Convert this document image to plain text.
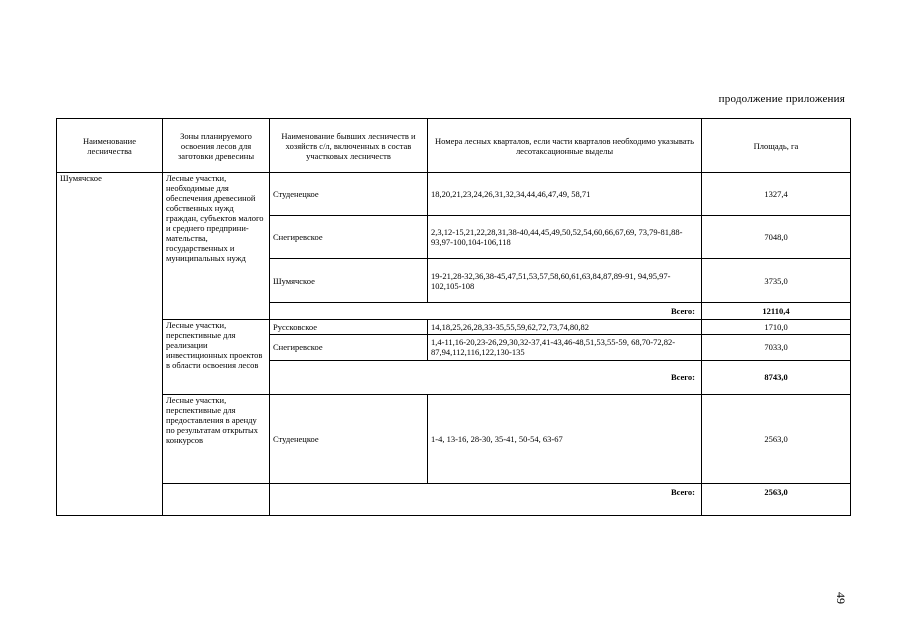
продолжение приложения
Наименование лесничества	Зоны планируемого освоения лесов для заготовки древесины	Наименование бывших лесничеств и хозяйств с/л, включенных в состав участковых лесничеств	Номера лесных кварталов, если части кварталов необходимо указывать лесотаксационные выделы	Площадь, га
Шумячское	Лесные участки, необходимые для обеспечения древесиной собственных нужд граждан, субъектов малого и среднего предприни-мательства, государственных и муниципальных нужд	Студенецкое	18,20,21,23,24,26,31,32,34,44,46,47,49, 58,71	1327,4
		Снегиревское	2,3,12-15,21,22,28,31,38-40,44,45,49,50,52,54,60,66,67,69, 73,79-81,88-93,97-100,104-106,118	7048,0
		Шумячское	19-21,28-32,36,38-45,47,51,53,57,58,60,61,63,84,87,89-91, 94,95,97-102,105-108	3735,0
		Всего:		12110,4
	Лесные участки, перспективные для реализации инвестиционных проектов в области освоения лесов	Руссковское	14,18,25,26,28,33-35,55,59,62,72,73,74,80,82	1710,0
		Снегиревское	1,4-11,16-20,23-26,29,30,32-37,41-43,46-48,51,53,55-59, 68,70-72,82-87,94,112,116,122,130-135	7033,0
		Всего:		8743,0
	Лесные участки, перспективные для предоставления в аренду по результатам открытых конкурсов	Студенецкое	1-4, 13-16, 28-30, 35-41, 50-54, 63-67	2563,0
		Всего:		2563,0
49
